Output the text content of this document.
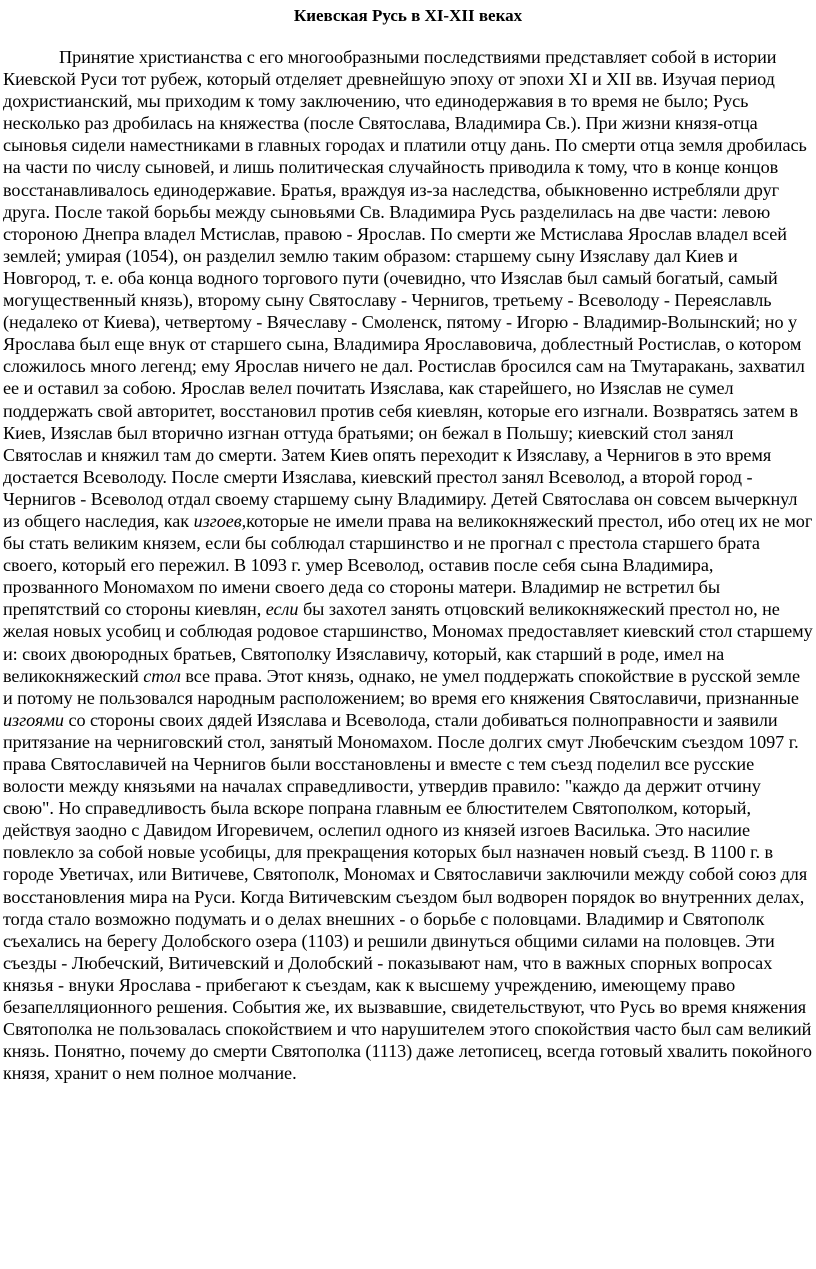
Киевская Русь в XI-XII веках

Принятие христианства с его многообразными последствиями представляет собой в истории Киевской Руси тот рубеж, который отделяет древнейшую эпоху от эпохи XI и XII вв. Изучая период дохристианский, мы приходим к тому заключению, что единодержавия в то время не было; Русь несколько раз дробилась на княжества (после Святослава, Владимира Св.). При жизни князя-отца сыновья сидели наместниками в главных городах и платили отцу дань. По смерти отца земля дробилась на части по числу сыновей, и лишь политическая случайность приводила к тому, что в конце концов восстанавливалось единодержавие. Братья, враждуя из-за наследства, обыкновенно истребляли друг друга. После такой борьбы между сыновьями Св. Владимира Русь разделилась на две части: левою стороною Днепра владел Мстислав, правою - Ярослав. По смерти же Мстислава Ярослав владел всей землей; умирая (1054), он разделил землю таким образом: старшему сыну Изяславу дал Киев и Новгород, т. е. оба конца водного торгового пути (очевидно, что Изяслав был самый богатый, самый могущественный князь), второму сыну Святославу - Чернигов, третьему - Всеволоду - Переяславль (недалеко от Киева), четвертому - Вячеславу - Смоленск, пятому - Игорю - Владимир-Волынский; но у Ярослава был еще внук от старшего сына, Владимира Ярославовича, доблестный Ростислав, о котором сложилось много легенд; ему Ярослав ничего не дал. Ростислав бросился сам на Тмутаракань, захватил ее и оставил за собою. Ярослав велел почитать Изяслава, как старейшего, но Изяслав не сумел поддержать свой авторитет, восстановил против себя киевлян, которые его изгнали. Возвратясь затем в Киев, Изяслав был вторично изгнан оттуда братьями; он бежал в Польшу; киевский стол занял Святослав и княжил там до смерти. Затем Киев опять переходит к Изяславу, а Чернигов в это время достается Всеволоду. После смерти Изяслава, киевский престол занял Всеволод, а второй город - Чернигов - Всеволод отдал своему старшему сыну Владимиру. Детей Святослава он совсем вычеркнул из общего наследия, как изгоев,которые не имели права на великокняжеский престол, ибо отец их не мог бы стать великим князем, если бы соблюдал старшинство и не прогнал с престола старшего брата своего, который его пережил. В 1093 г. умер Всеволод, оставив после себя сына Владимира, прозванного Мономахом по имени своего деда со стороны матери. Владимир не встретил бы препятствий со стороны киевлян, если бы захотел занять отцовский великокняжеский престол но, не желая новых усобиц и соблюдая родовое старшинство, Мономах предоставляет киевский стол старшему и: своих двоюродных братьев, Святополку Изяславичу, который, как старший в роде, имел на великокняжеский стол все права. Этот князь, однако, не умел поддержать спокойствие в русской земле и потому не пользовался народным расположением; во время его княжения Святославичи, признанные изгоями со стороны своих дядей Изяслава и Всеволода, стали добиваться полноправности и заявили притязание на черниговский стол, занятый Мономахом. После долгих смут Любечским съездом 1097 г. права Святославичей на Чернигов были восстановлены и вместе с тем съезд поделил все русские волости между князьями на началах справедливости, утвердив правило: "каждо да держит отчину свою". Но справедливость была вскоре попрана главным ее блюстителем Святополком, который, действуя заодно с Давидом Игоревичем, ослепил одного из князей изгоев Василька. Это насилие повлекло за собой новые усобицы, для прекращения которых был назначен новый съезд. В 1100 г. в городе Уветичах, или Витичеве, Святополк, Мономах и Святославичи заключили между собой союз для восстановления мира на Руси. Когда Витичевским съездом был водворен порядок во внутренних делах, тогда стало возможно подумать и о делах внешних - о борьбе с половцами. Владимир и Святополк съехались на берегу Долобского озера (1103) и решили двинуться общими силами на половцев. Эти съезды - Любечский, Витичевский и Долобский - показывают нам, что в важных спорных вопросах князья - внуки Ярослава - прибегают к съездам, как к высшему учреждению, имеющему право безапелляционного решения. События же, их вызвавшие, свидетельствуют, что Русь во время княжения Святополка не пользовалась спокойствием и что нарушителем этого спокойствия часто был сам великий князь. Понятно, почему до смерти Святополка (1113) даже летописец, всегда готовый хвалить покойного князя, хранит о нем полное молчание.
